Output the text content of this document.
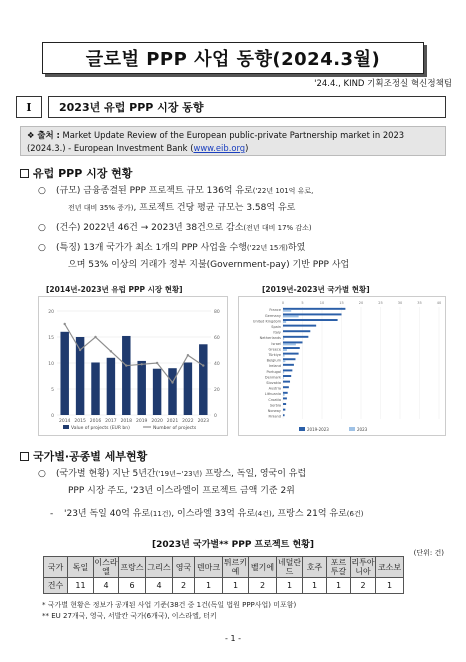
글로벌 PPP 사업 동향(2024.3월)
'24.4., KIND 기획조정실 혁신정책팀
Ⅰ	2023년 유럽 PPP 시장 동향
❖ 출처 : Market Update Review of the European public-private Partnership market in 2023 (2024.3.) - European Investment Bank (www.eib.org)
유럽 PPP 시장 현황
○ (규모) 금융종결된 PPP 프로젝트 규모 136억 유로('22년 101억 유로,
전년 대비 35% 증가), 프로젝트 건당 평균 규모는 3.58억 유로
○ (건수) 2022년 46건 → 2023년 38건으로 감소(전년 대비 17% 감소)
○ (특징) 13개 국가가 최소 1개의 PPP 사업을 수행('22년 15개)하였
으며 53% 이상의 거래가 정부 지불(Government-pay) 기반 PPP 사업
[2014년-2023년 유럽 PPP 시장 현황]	[2019년-2023년 국가별 현황]
0	0
5	20
10	40
15	60
20	80
2014 2015 2016 2017 2018 2019 2020 2021 2022 2023
Value of projects (EUR bn)	Number of projects
0	5	10	15	20	25	30	35	40
France
Germany
United Kingdom
Spain
Italy
Netherlands
Israel
Greece
Türkiye
Belgium
Ireland
Portugal
Denmark
Slovakia
Austria
Lithuania
Croatia
Serbia
Norway
Finland
2019-2023	2023
국가별·공종별 세부현황
○ (국가별 현황) 지난 5년간('19년~'23년) 프랑스, 독일, 영국이 유럽
PPP 시장 주도, '23년 이스라엘이 프로젝트 금액 기준 2위
- '23년 독일 40억 유로(11건), 이스라엘 33억 유로(4건), 프랑스 21억 유로(6건)
[2023년 국가별** PPP 프로젝트 현황]
(단위: 건)
국가	독일	이스라엘	프랑스	그리스	영국	덴마크	튀르키예	벨기에	네덜란드	호주	포르투갈	리투아니아	코소보
건수	11	4	6	4	2	1	1	2	1	1	1	2	1
* 국가별 현황은 정보가 공개된 사업 기준(38건 중 1건(독일 법원 PPP사업) 미포함)
** EU 27개국, 영국, 서발칸 국가(6개국), 이스라엘, 터키
- 1 -
